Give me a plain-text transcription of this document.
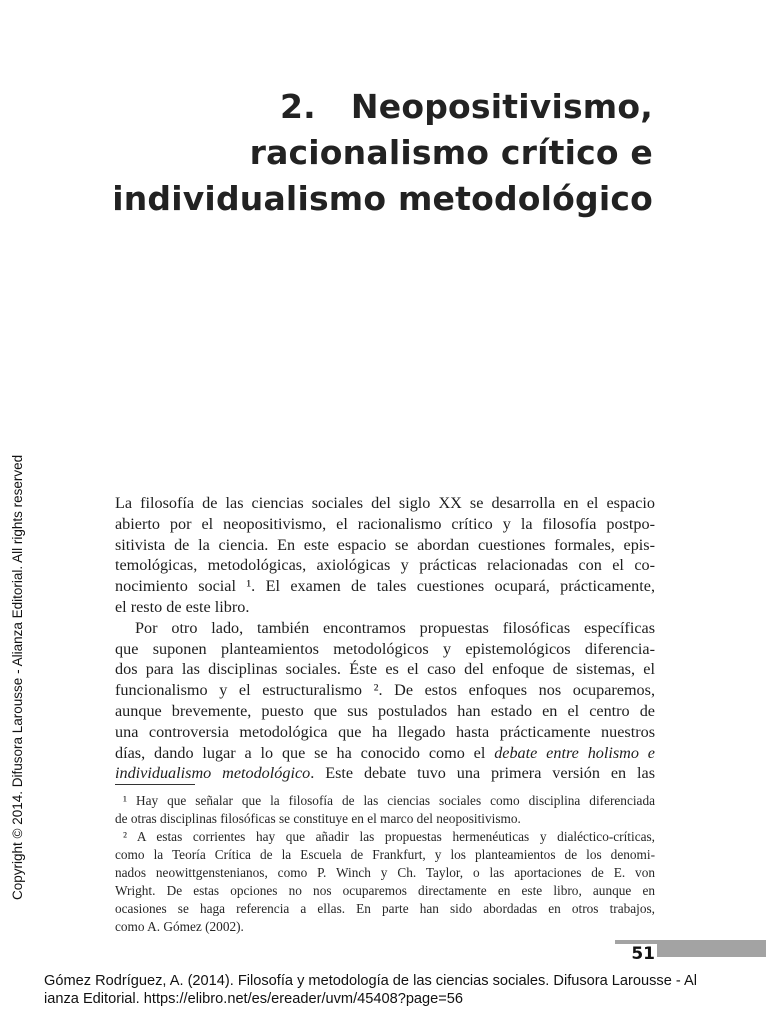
2.   Neopositivismo,
racionalismo crítico e
individualismo metodológico
Copyright © 2014. Difusora Larousse - Alianza Editorial. All rights reserved	La filosofía de las ciencias sociales del siglo XX se desarrolla en el espacio
abierto por el neopositivismo, el racionalismo crítico y la filosofía postpo-
sitivista de la ciencia. En este espacio se abordan cuestiones formales, epis-
temológicas, metodológicas, axiológicas y prácticas relacionadas con el co-
nocimiento social ¹. El examen de tales cuestiones ocupará, prácticamente,
el resto de este libro.
Por otro lado, también encontramos propuestas filosóficas específicas
que suponen planteamientos metodológicos y epistemológicos diferencia-
dos para las disciplinas sociales. Éste es el caso del enfoque de sistemas, el
funcionalismo y el estructuralismo ². De estos enfoques nos ocuparemos,
aunque brevemente, puesto que sus postulados han estado en el centro de
una controversia metodológica que ha llegado hasta prácticamente nuestros
días, dando lugar a lo que se ha conocido como el debate entre holismo e
individualismo metodológico. Este debate tuvo una primera versión en las
¹ Hay que señalar que la filosofía de las ciencias sociales como disciplina diferenciada
de otras disciplinas filosóficas se constituye en el marco del neopositivismo.
² A estas corrientes hay que añadir las propuestas hermenéuticas y dialéctico-críticas,
como la Teoría Crítica de la Escuela de Frankfurt, y los planteamientos de los denomi-
nados neowittgenstenianos, como P. Winch y Ch. Taylor, o las aportaciones de E. von
Wright. De estas opciones no nos ocuparemos directamente en este libro, aunque en
ocasiones se haga referencia a ellas. En parte han sido abordadas en otros trabajos,
como A. Gómez (2002).
51
Gómez Rodríguez, A. (2014). Filosofía y metodología de las ciencias sociales. Difusora Larousse - Al
ianza Editorial. https://elibro.net/es/ereader/uvm/45408?page=56
